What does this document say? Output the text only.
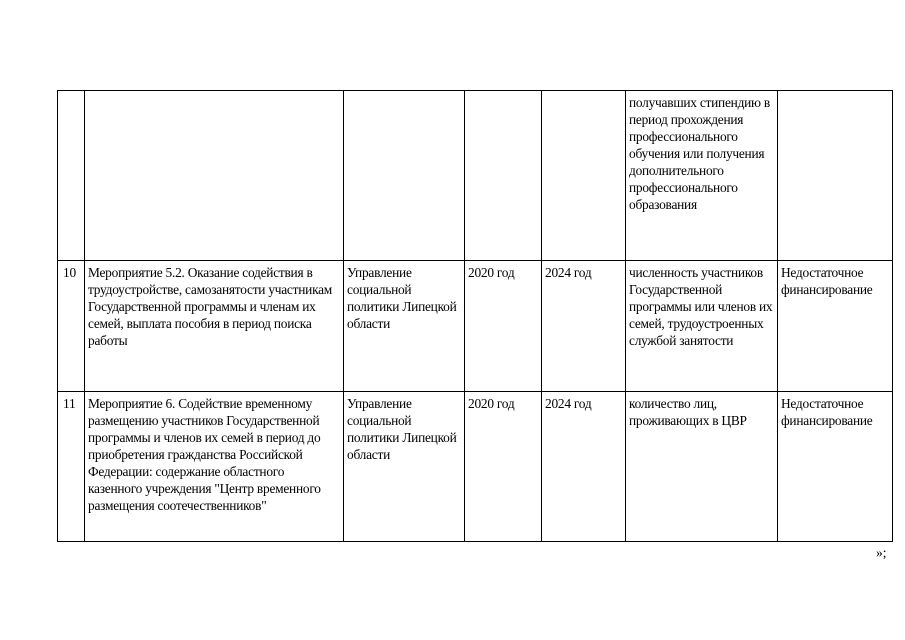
					получавших стипендию в период прохождения профессионального обучения или получения дополнительного профессионального образования	
10	Мероприятие 5.2. Оказание содействия в трудоустройстве, самозанятости участникам Государственной программы и членам их семей, выплата пособия в период поиска работы	Управление социальной политики Липецкой области	2020 год	2024 год	численность участников Государственной программы или членов их семей, трудоустроенных службой занятости	Недостаточное финансирование
11	Мероприятие 6. Содействие временному размещению участников Государственной программы и членов их семей в период до приобретения гражданства Российской Федерации: содержание областного казенного учреждения "Центр временного размещения соотечественников"	Управление социальной политики Липецкой области	2020 год	2024 год	количество лиц, проживающих в ЦВР	Недостаточное финансирование
»;
